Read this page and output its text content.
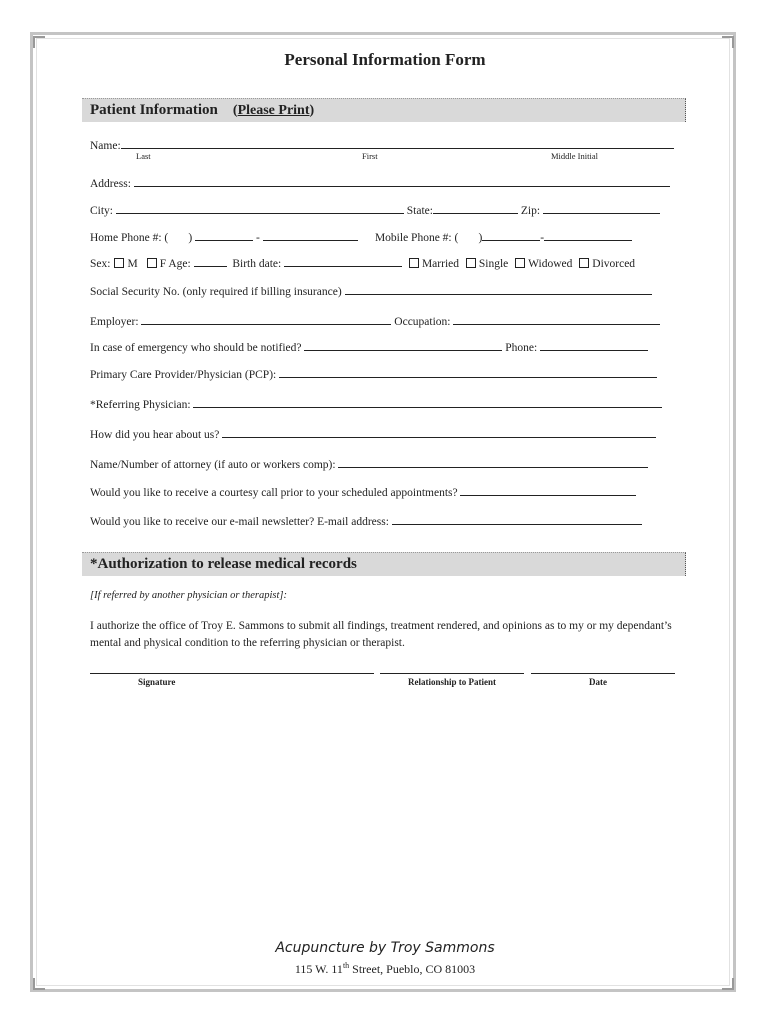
Personal Information Form
Patient Information (Please Print)
Name:
Last	First	Middle Initial
Address:
City:	State:	Zip:
Home Phone #: ( )	-	Mobile Phone #: ( )	-
Sex: M F Age:	Birth date:	Married Single Widowed Divorced
Social Security No. (only required if billing insurance)
Employer:	Occupation:
In case of emergency who should be notified?	Phone:
Primary Care Provider/Physician (PCP):
*Referring Physician:
How did you hear about us?
Name/Number of attorney (if auto or workers comp):
Would you like to receive a courtesy call prior to your scheduled appointments?
Would you like to receive our e-mail newsletter? E-mail address:
*Authorization to release medical records
[If referred by another physician or therapist]:
I authorize the office of Troy E. Sammons to submit all findings, treatment rendered, and opinions as to my or my dependant’s mental and physical condition to the referring physician or therapist.
Signature	Relationship to Patient	Date
Acupuncture by Troy Sammons
115 W. 11th Street, Pueblo, CO 81003
